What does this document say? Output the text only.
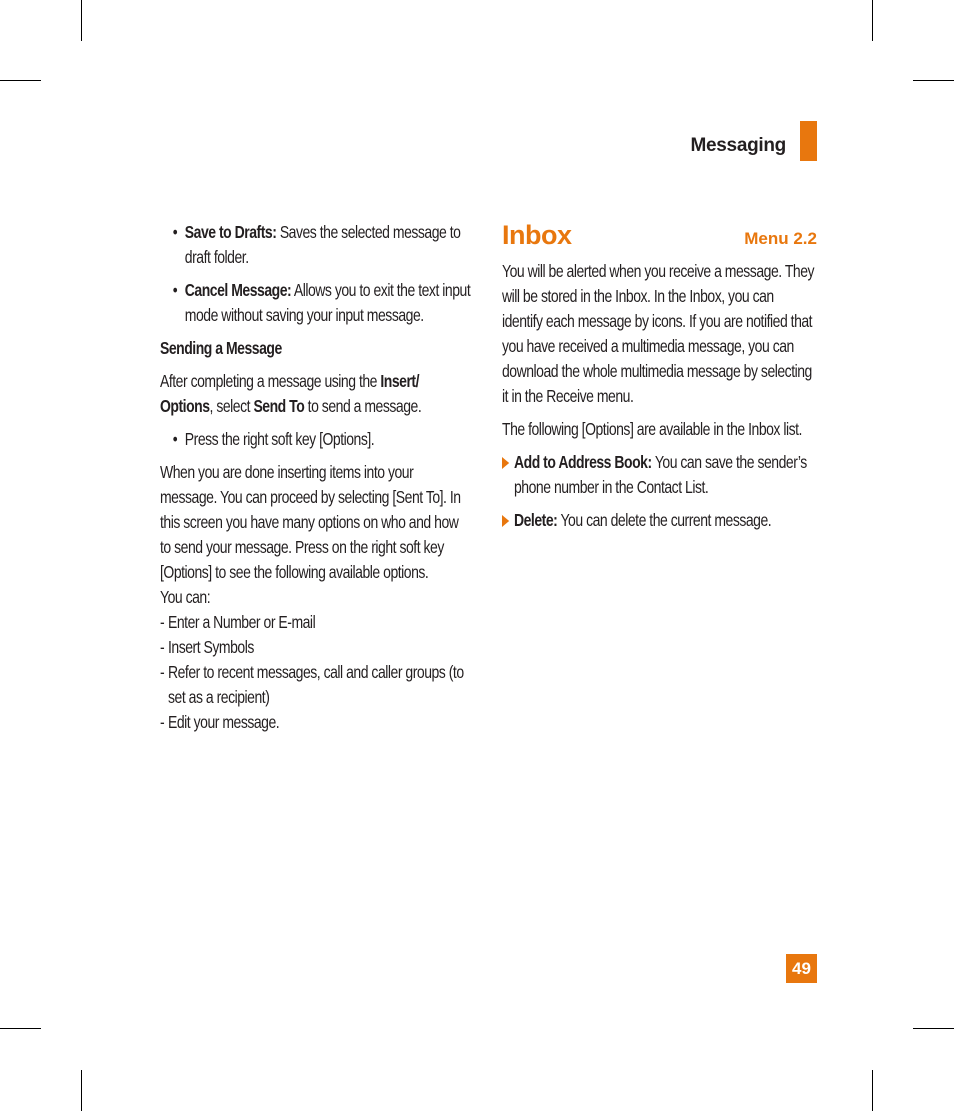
Messaging

• Save to Drafts: Saves the selected message to draft folder.

• Cancel Message: Allows you to exit the text input mode without saving your input message.

Sending a Message

After completing a message using the Insert/ Options, select Send To to send a message.

• Press the right soft key [Options].

When you are done inserting items into your message. You can proceed by selecting [Sent To]. In this screen you have many options on who and how to send your message. Press on the right soft key [Options] to see the following available options.

You can:

- Enter a Number or E-mail

- Insert Symbols

- Refer to recent messages, call and caller groups (to set as a recipient)

- Edit your message.

Inbox	Menu 2.2

You will be alerted when you receive a message. They will be stored in the Inbox. In the Inbox, you can identify each message by icons. If you are notified that you have received a multimedia message, you can download the whole multimedia message by selecting it in the Receive menu.

The following [Options] are available in the Inbox list.

Add to Address Book: You can save the sender’s phone number in the Contact List.

Delete: You can delete the current message.

49
